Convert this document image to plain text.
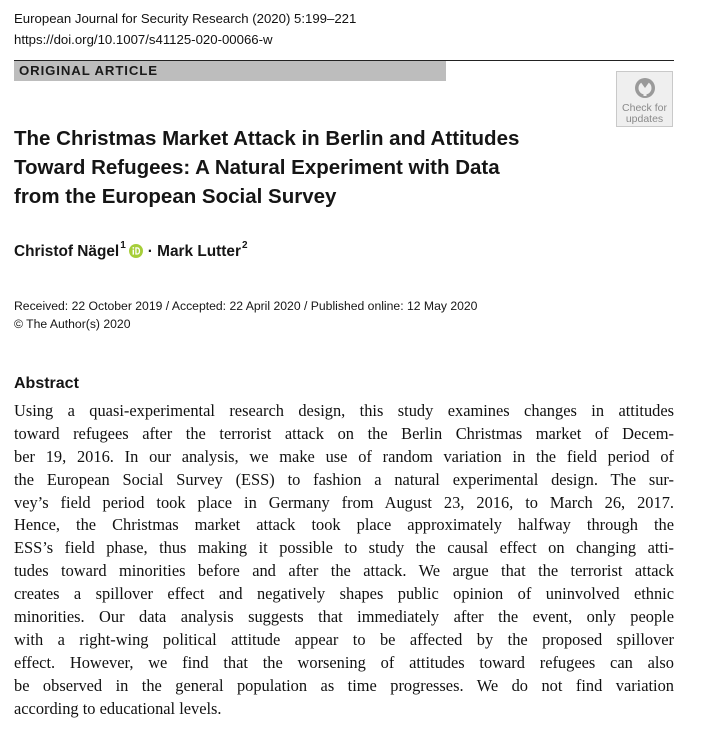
European Journal for Security Research (2020) 5:199–221
https://doi.org/10.1007/s41125-020-00066-w
ORIGINAL ARTICLE
Check for
updates
The Christmas Market Attack in Berlin and Attitudes
Toward Refugees: A Natural Experiment with Data
from the European Social Survey
Christof Nägel$^1$ ·
Mark Lutter$^2$
Received: 22 October 2019 / Accepted: 22 April 2020 / Published online: 12 May 2020
© The Author(s) 2020
Abstract
Using a quasi-experimental research design, this study examines changes in attitudes
toward refugees after the terrorist attack on the Berlin Christmas market of Decem-
ber 19, 2016. In our analysis, we make use of random variation in the field period of
the European Social Survey (ESS) to fashion a natural experimental design. The sur-
vey’s field period took place in Germany from August 23, 2016, to March 26, 2017.
Hence, the Christmas market attack took place approximately halfway through the
ESS’s field phase, thus making it possible to study the causal effect on changing atti-
tudes toward minorities before and after the attack. We argue that the terrorist attack
creates a spillover effect and negatively shapes public opinion of uninvolved ethnic
minorities. Our data analysis suggests that immediately after the event, only people
with a right-wing political attitude appear to be affected by the proposed spillover
effect. However, we find that the worsening of attitudes toward refugees can also
be observed in the general population as time progresses. We do not find variation
according to educational levels.
